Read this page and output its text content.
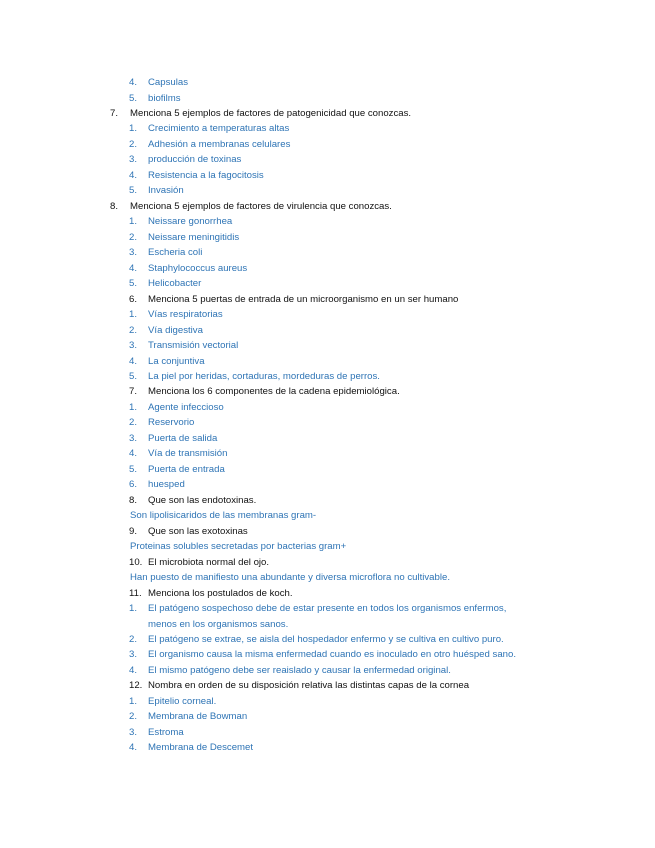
4. Capsulas
5. biofilms
7. Menciona 5 ejemplos de factores de patogenicidad que conozcas.
1. Crecimiento a temperaturas altas
2. Adhesión a membranas celulares
3. producción de toxinas
4. Resistencia a la fagocitosis
5. Invasión
8. Menciona 5 ejemplos de factores de virulencia que conozcas.
1. Neissare gonorrhea
2. Neissare meningitidis
3. Escheria coli
4. Staphylococcus aureus
5. Helicobacter
6. Menciona 5 puertas de entrada de un microorganismo en un ser humano
1. Vías respiratorias
2. Vía digestiva
3. Transmisión vectorial
4. La conjuntiva
5. La piel por heridas, cortaduras, mordeduras de perros.
7. Menciona los 6 componentes de la cadena epidemiológica.
1. Agente infeccioso
2. Reservorio
3. Puerta de salida
4. Vía de transmisión
5. Puerta de entrada
6. huesped
8. Que son las endotoxinas.
Son lipolisicaridos de las membranas gram-
9. Que son las exotoxinas
Proteinas solubles secretadas por bacterias gram+
10. El microbiota normal del ojo.
Han puesto de manifiesto una abundante y diversa microflora no cultivable.
11. Menciona los postulados de koch.
1. El patógeno sospechoso debe de estar presente en todos los organismos enfermos,
menos en los organismos sanos.
2. El patógeno se extrae, se aisla del hospedador enfermo y se cultiva en cultivo puro.
3. El organismo causa la misma enfermedad cuando es inoculado en otro huésped sano.
4. El mismo patógeno debe ser reaislado y causar la enfermedad original.
12. Nombra en orden de su disposición relativa las distintas capas de la cornea
1. Epitelio corneal.
2. Membrana de Bowman
3. Estroma
4. Membrana de Descemet
